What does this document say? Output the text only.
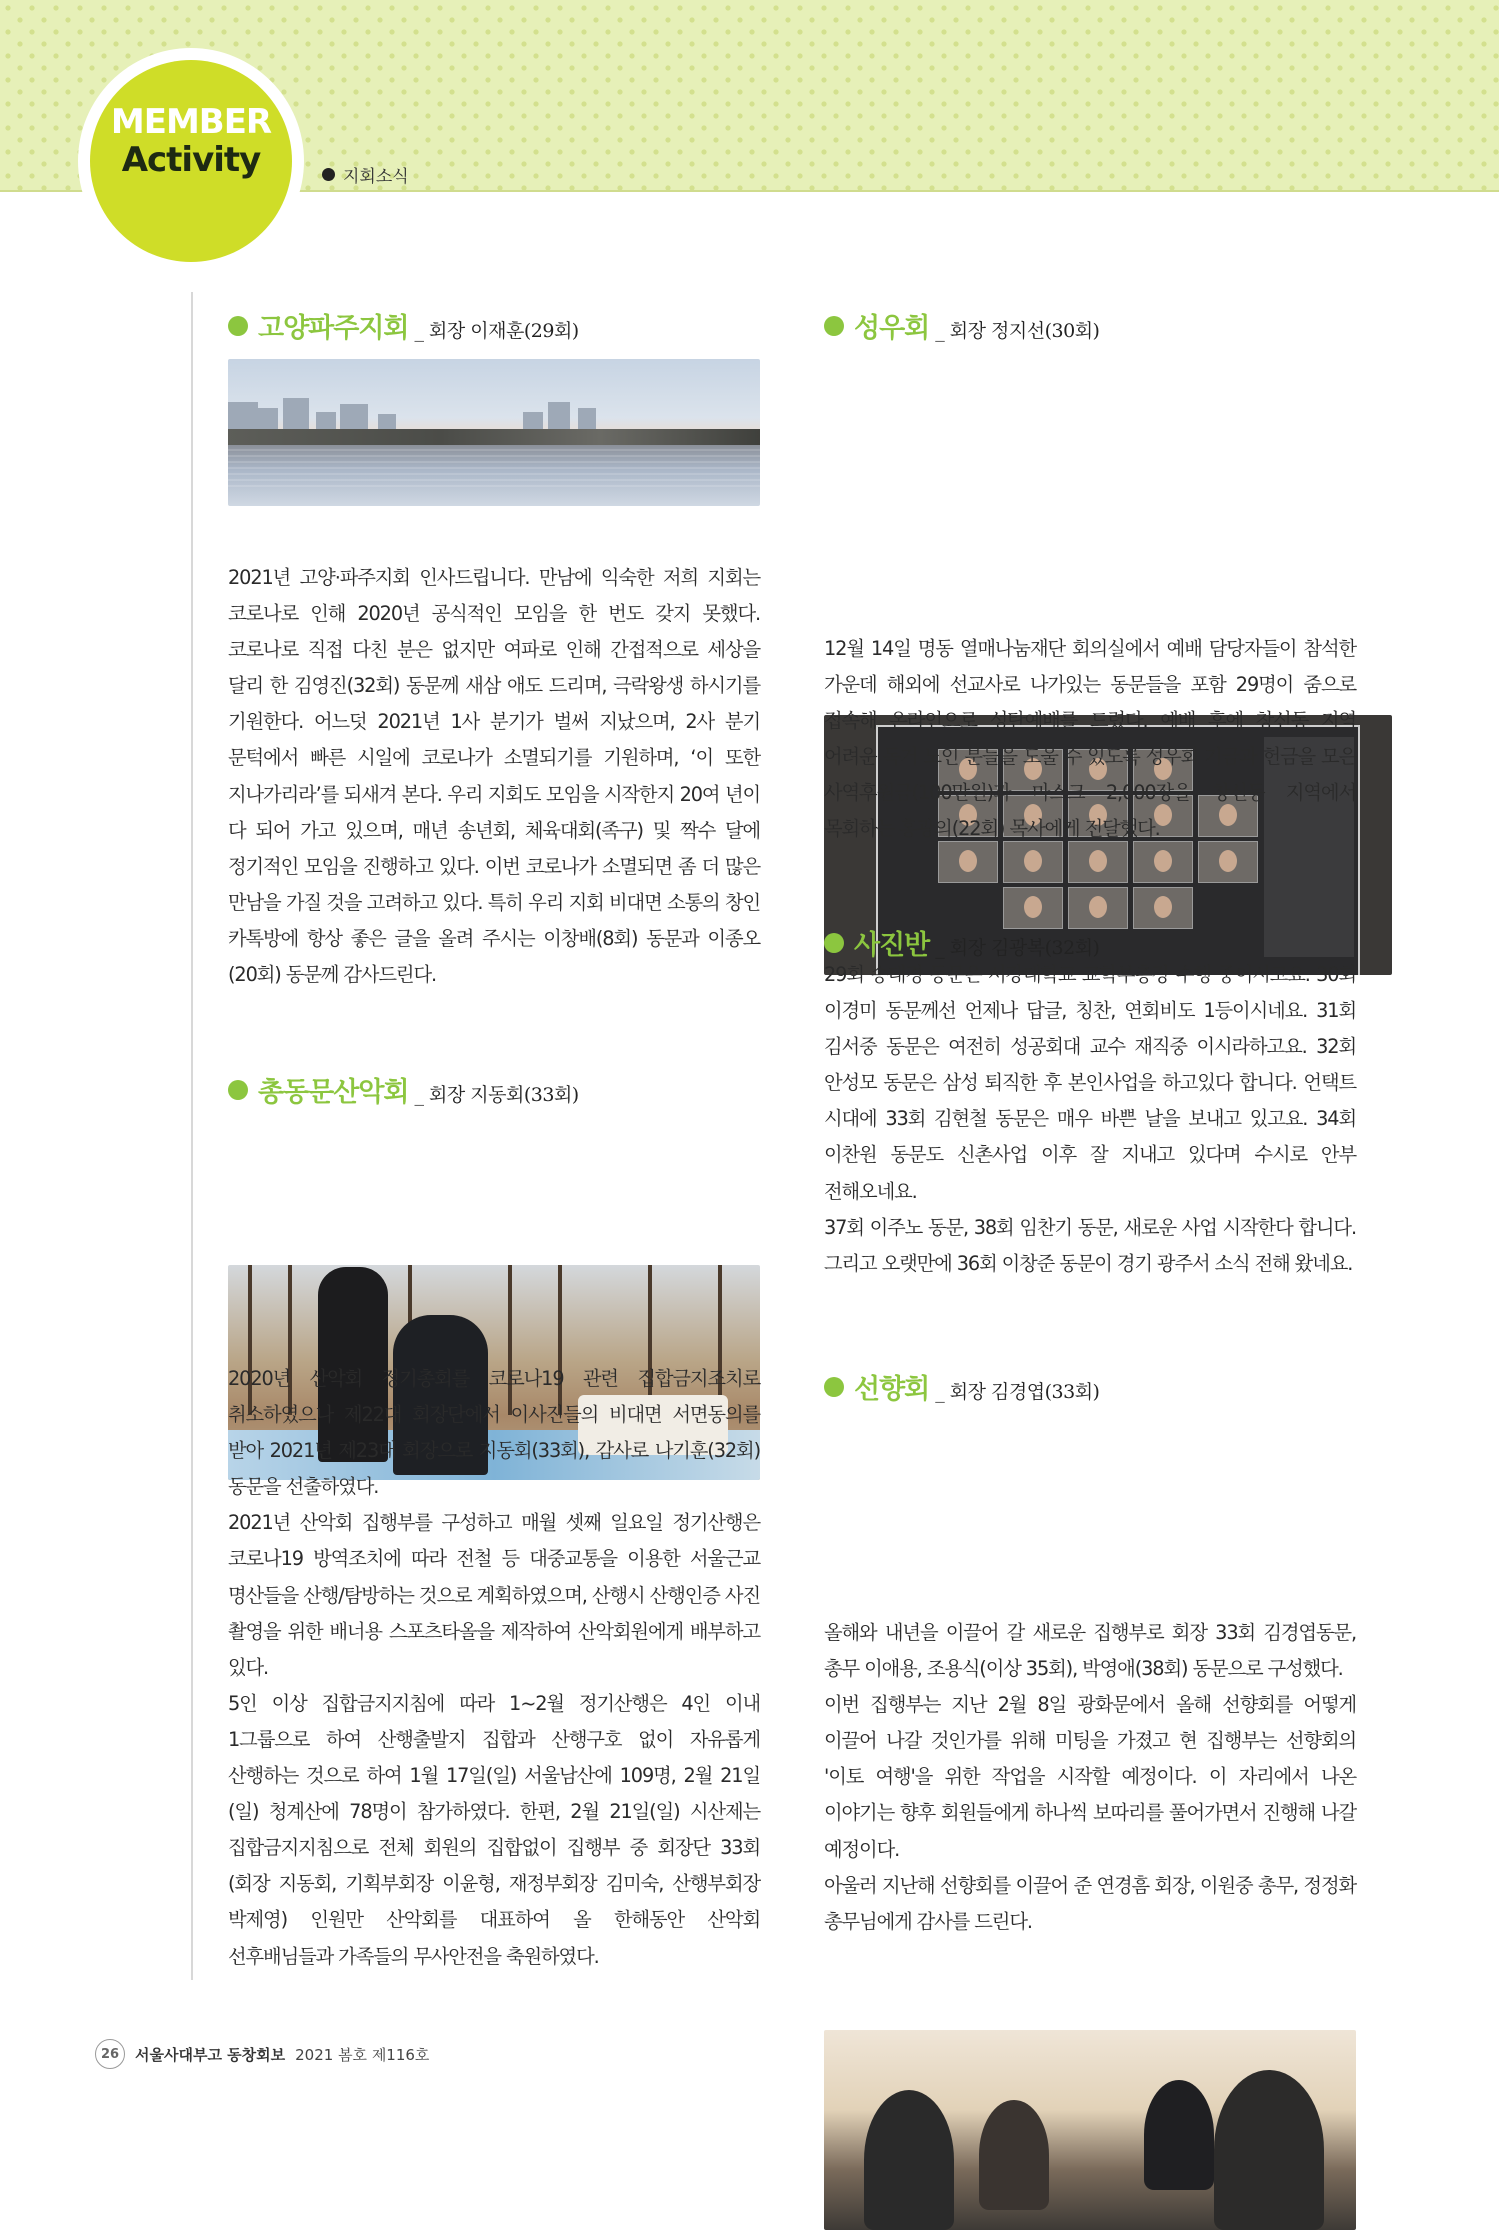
MEMBER
Activity	지회소식
고양파주지회 _ 회장 이재훈(29회)

2021년 고양·파주지회 인사드립니다. 만남에 익숙한 저희 지회는 코로나로 인해 2020년 공식적인 모임을 한 번도 갖지 못했다. 코로나로 직접 다친 분은 없지만 여파로 인해 간접적으로 세상을 달리 한 김영진(32회) 동문께 새삼 애도 드리며, 극락왕생 하시기를 기원한다. 어느덧 2021년 1사 분기가 벌써 지났으며, 2사 분기 문턱에서 빠른 시일에 코로나가 소멸되기를 기원하며, ‘이 또한 지나가리라’를 되새겨 본다. 우리 지회도 모임을 시작한지 20여 년이 다 되어 가고 있으며, 매년 송년회, 체육대회(족구) 및 짝수 달에 정기적인 모임을 진행하고 있다. 이번 코로나가 소멸되면 좀 더 많은 만남을 가질 것을 고려하고 있다. 특히 우리 지회 비대면 소통의 창인 카톡방에 항상 좋은 글을 올려 주시는 이창배(8회) 동문과 이종오(20회) 동문께 감사드린다.

총동문산악회 _ 회장 지동회(33회)

2020년 산악회 정기총회를 코로나19 관련 집합금지조치로 취소하였으나 제22대 회장단에서 이사진들의 비대면 서면동의를 받아 2021년 제23대 회장으로 지동회(33회), 감사로 나기훈(32회) 동문을 선출하였다.

2021년 산악회 집행부를 구성하고 매월 셋째 일요일 정기산행은 코로나19 방역조치에 따라 전철 등 대중교통을 이용한 서울근교 명산들을 산행/탐방하는 것으로 계획하였으며, 산행시 산행인증 사진 촬영을 위한 배너용 스포츠타올을 제작하여 산악회원에게 배부하고 있다.

5인 이상 집합금지지침에 따라 1~2월 정기산행은 4인 이내 1그룹으로 하여 산행출발지 집합과 산행구호 없이 자유롭게 산행하는 것으로 하여 1월 17일(일) 서울남산에 109명, 2월 21일(일) 청계산에 78명이 참가하였다. 한편, 2월 21일(일) 시산제는 집합금지지침으로 전체 회원의 집합없이 집행부 중 회장단 33회(회장 지동회, 기획부회장 이윤형, 재정부회장 김미숙, 산행부회장 박제영) 인원만 산악회를 대표하여 올 한해동안 산악회 선후배님들과 가족들의 무사안전을 축원하였다.

성우회 _ 회장 정지선(30회)

12월 14일 명동 열매나눔재단 회의실에서 예배 담당자들이 참석한 가운데 해외에 선교사로 나가있는 동문들을 포함 29명이 줌으로 접속해 온라인으로 성탄예배를 드렸다. 예배 후에 창신동 지역 어려운 독거 노인 분들을 도울 수 있도록 성우회 기금과 헌금을 모은 사역후원금(100만원)과 마스크 2,000장을 창신동 지역에서 목회하는 홍광의(22회) 목사에게 전달했다.

사진반 _ 회장 김광복(32회)

29회 송태경 동문은 서강대학교 교학부총장 수행 중이시고요. 30회 이경미 동문께선 언제나 답글, 칭찬, 연회비도 1등이시네요. 31회 김서중 동문은 여전히 성공회대 교수 재직중 이시라하고요. 32회 안성모 동문은 삼성 퇴직한 후 본인사업을 하고있다 합니다. 언택트 시대에 33회 김현철 동문은 매우 바쁜 날을 보내고 있고요. 34회 이찬원 동문도 신촌사업 이후 잘 지내고 있다며 수시로 안부 전해오네요.

37회 이주노 동문, 38회 임찬기 동문, 새로운 사업 시작한다 합니다. 그리고 오랫만에 36회 이창준 동문이 경기 광주서 소식 전해 왔네요.

선향회 _ 회장 김경엽(33회)

올해와 내년을 이끌어 갈 새로운 집행부로 회장 33회 김경엽동문, 총무 이애용, 조용식(이상 35회), 박영애(38회) 동문으로 구성했다.

이번 집행부는 지난 2월 8일 광화문에서 올해 선향회를 어떻게 이끌어 나갈 것인가를 위해 미팅을 가졌고 현 집행부는 선향회의 '이토 여행'을 위한 작업을 시작할 예정이다. 이 자리에서 나온 이야기는 향후 회원들에게 하나씩 보따리를 풀어가면서 진행해 나갈 예정이다.

아울러 지난해 선향회를 이끌어 준 연경흠 회장, 이원중 총무, 정정화 총무님에게 감사를 드린다.

26	서울사대부고 동창회보 2021 봄호 제116호
